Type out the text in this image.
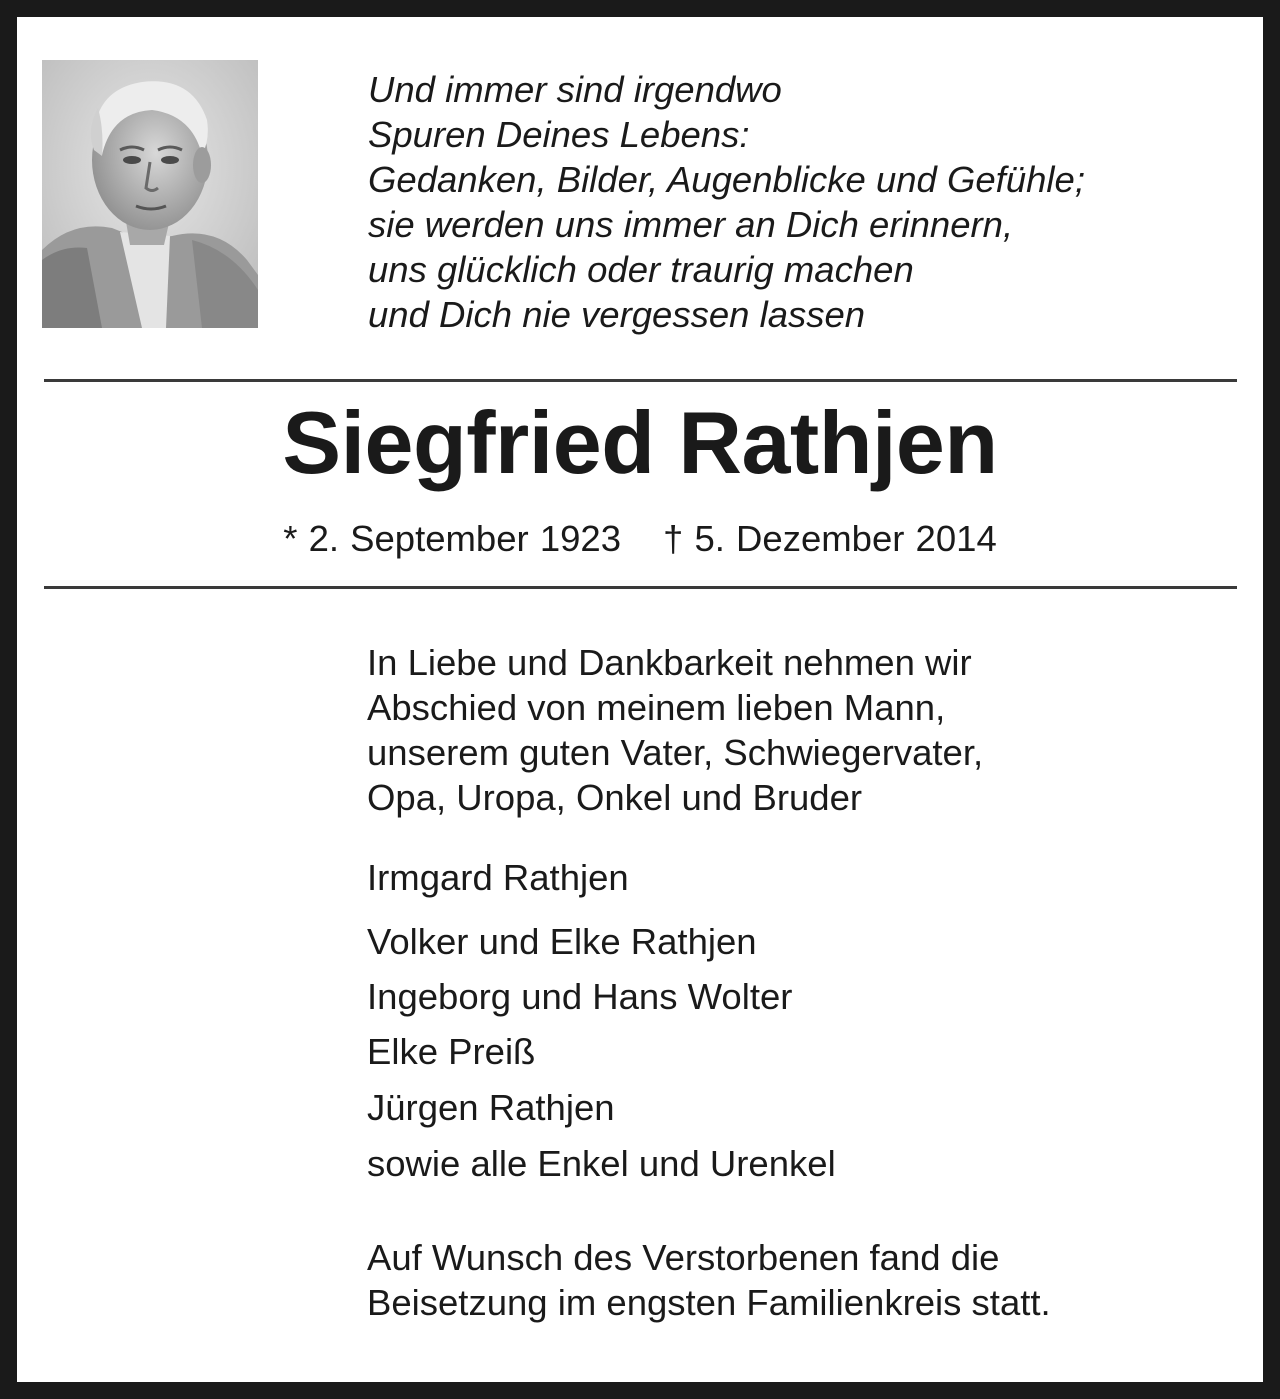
Und immer sind irgendwo
Spuren Deines Lebens:
Gedanken, Bilder, Augenblicke und Gefühle;
sie werden uns immer an Dich erinnern,
uns glücklich oder traurig machen
und Dich nie vergessen lassen
Siegfried Rathjen
* 2. September 1923 † 5. Dezember 2014
In Liebe und Dankbarkeit nehmen wir
Abschied von meinem lieben Mann,
unserem guten Vater, Schwiegervater,
Opa, Uropa, Onkel und Bruder
Irmgard Rathjen
Volker und Elke Rathjen
Ingeborg und Hans Wolter
Elke Preiß
Jürgen Rathjen
sowie alle Enkel und Urenkel
Auf Wunsch des Verstorbenen fand die
Beisetzung im engsten Familienkreis statt.
